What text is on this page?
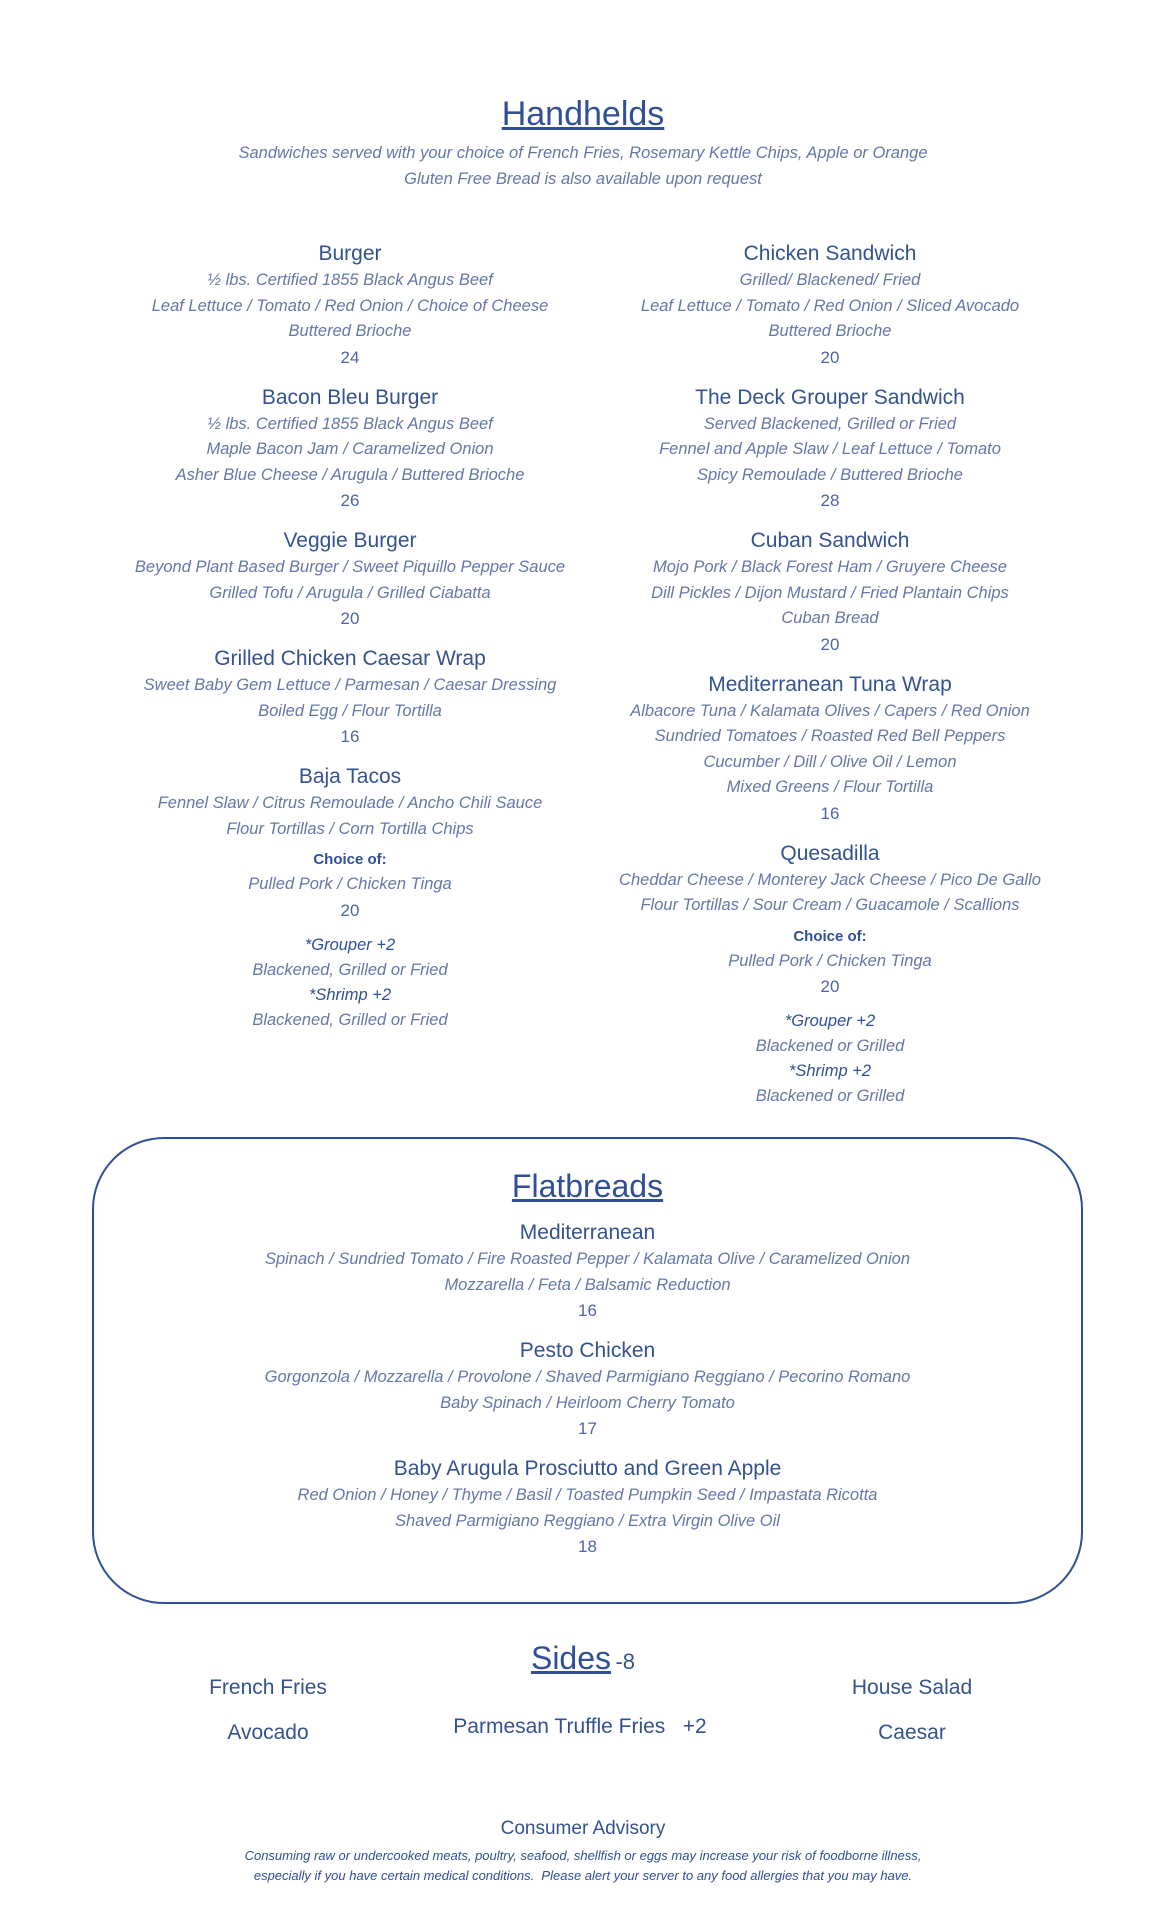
Handhelds
Sandwiches served with your choice of French Fries, Rosemary Kettle Chips, Apple or Orange
Gluten Free Bread is also available upon request
Burger
½ lbs. Certified 1855 Black Angus Beef
Leaf Lettuce / Tomato / Red Onion / Choice of Cheese
Buttered Brioche
24
Bacon Bleu Burger
½ lbs. Certified 1855 Black Angus Beef
Maple Bacon Jam / Caramelized Onion
Asher Blue Cheese / Arugula / Buttered Brioche
26
Veggie Burger
Beyond Plant Based Burger / Sweet Piquillo Pepper Sauce
Grilled Tofu / Arugula / Grilled Ciabatta
20
Grilled Chicken Caesar Wrap
Sweet Baby Gem Lettuce / Parmesan / Caesar Dressing
Boiled Egg / Flour Tortilla
16
Baja Tacos
Fennel Slaw / Citrus Remoulade / Ancho Chili Sauce
Flour Tortillas / Corn Tortilla Chips
Choice of:
Pulled Pork / Chicken Tinga
20
*Grouper +2
Blackened, Grilled or Fried
*Shrimp +2
Blackened, Grilled or Fried
Chicken Sandwich
Grilled/ Blackened/ Fried
Leaf Lettuce / Tomato / Red Onion / Sliced Avocado
Buttered Brioche
20
The Deck Grouper Sandwich
Served Blackened, Grilled or Fried
Fennel and Apple Slaw / Leaf Lettuce / Tomato
Spicy Remoulade / Buttered Brioche
28
Cuban Sandwich
Mojo Pork / Black Forest Ham / Gruyere Cheese
Dill Pickles / Dijon Mustard / Fried Plantain Chips
Cuban Bread
20
Mediterranean Tuna Wrap
Albacore Tuna / Kalamata Olives / Capers / Red Onion
Sundried Tomatoes / Roasted Red Bell Peppers
Cucumber / Dill / Olive Oil / Lemon
Mixed Greens / Flour Tortilla
16
Quesadilla
Cheddar Cheese / Monterey Jack Cheese / Pico De Gallo
Flour Tortillas / Sour Cream / Guacamole / Scallions
Choice of:
Pulled Pork / Chicken Tinga
20
*Grouper +2
Blackened or Grilled
*Shrimp +2
Blackened or Grilled
Flatbreads
Mediterranean
Spinach / Sundried Tomato / Fire Roasted Pepper / Kalamata Olive / Caramelized Onion
Mozzarella / Feta / Balsamic Reduction
16
Pesto Chicken
Gorgonzola / Mozzarella / Provolone / Shaved Parmigiano Reggiano / Pecorino Romano
Baby Spinach / Heirloom Cherry Tomato
17
Baby Arugula Prosciutto and Green Apple
Red Onion / Honey / Thyme / Basil / Toasted Pumpkin Seed / Impastata Ricotta
Shaved Parmigiano Reggiano / Extra Virgin Olive Oil
18
Sides -8
French Fries
Avocado	Parmesan Truffle Fries   +2
House Salad
Caesar
Consumer Advisory
Consuming raw or undercooked meats, poultry, seafood, shellfish or eggs may increase your risk of foodborne illness,
especially if you have certain medical conditions.  Please alert your server to any food allergies that you may have.
